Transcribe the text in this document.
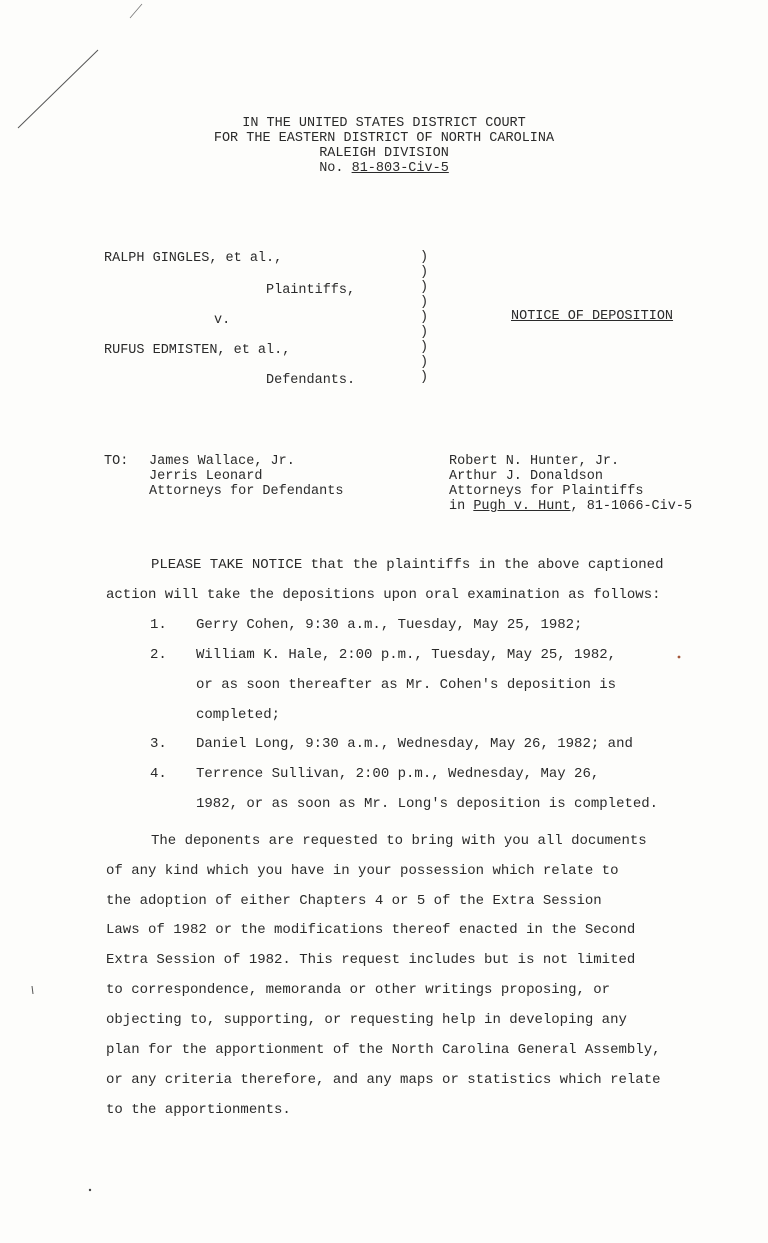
IN THE UNITED STATES DISTRICT COURT
FOR THE EASTERN DISTRICT OF NORTH CAROLINA
RALEIGH DIVISION
No. 81-803-Civ-5
RALPH GINGLES, et al.,
Plaintiffs,
v.
RUFUS EDMISTEN, et al.,
Defendants.
)
)
)
)
)
)
)
)
)
NOTICE OF DEPOSITION
TO: James Wallace, Jr.
Jerris Leonard
Attorneys for Defendants
Robert N. Hunter, Jr.
Arthur J. Donaldson
Attorneys for Plaintiffs
in Pugh v. Hunt, 81-1066-Civ-5
PLEASE TAKE NOTICE that the plaintiffs in the above captioned
action will take the depositions upon oral examination as follows:
1. Gerry Cohen, 9:30 a.m., Tuesday, May 25, 1982;
2. William K. Hale, 2:00 p.m., Tuesday, May 25, 1982,
or as soon thereafter as Mr. Cohen's deposition is
completed;
3. Daniel Long, 9:30 a.m., Wednesday, May 26, 1982; and
4. Terrence Sullivan, 2:00 p.m., Wednesday, May 26,
1982, or as soon as Mr. Long's deposition is completed.
The deponents are requested to bring with you all documents
of any kind which you have in your possession which relate to
the adoption of either Chapters 4 or 5 of the Extra Session
Laws of 1982 or the modifications thereof enacted in the Second
Extra Session of 1982. This request includes but is not limited
to correspondence, memoranda or other writings proposing, or
objecting to, supporting, or requesting help in developing any
plan for the apportionment of the North Carolina General Assembly,
or any criteria therefore, and any maps or statistics which relate
to the apportionments.
